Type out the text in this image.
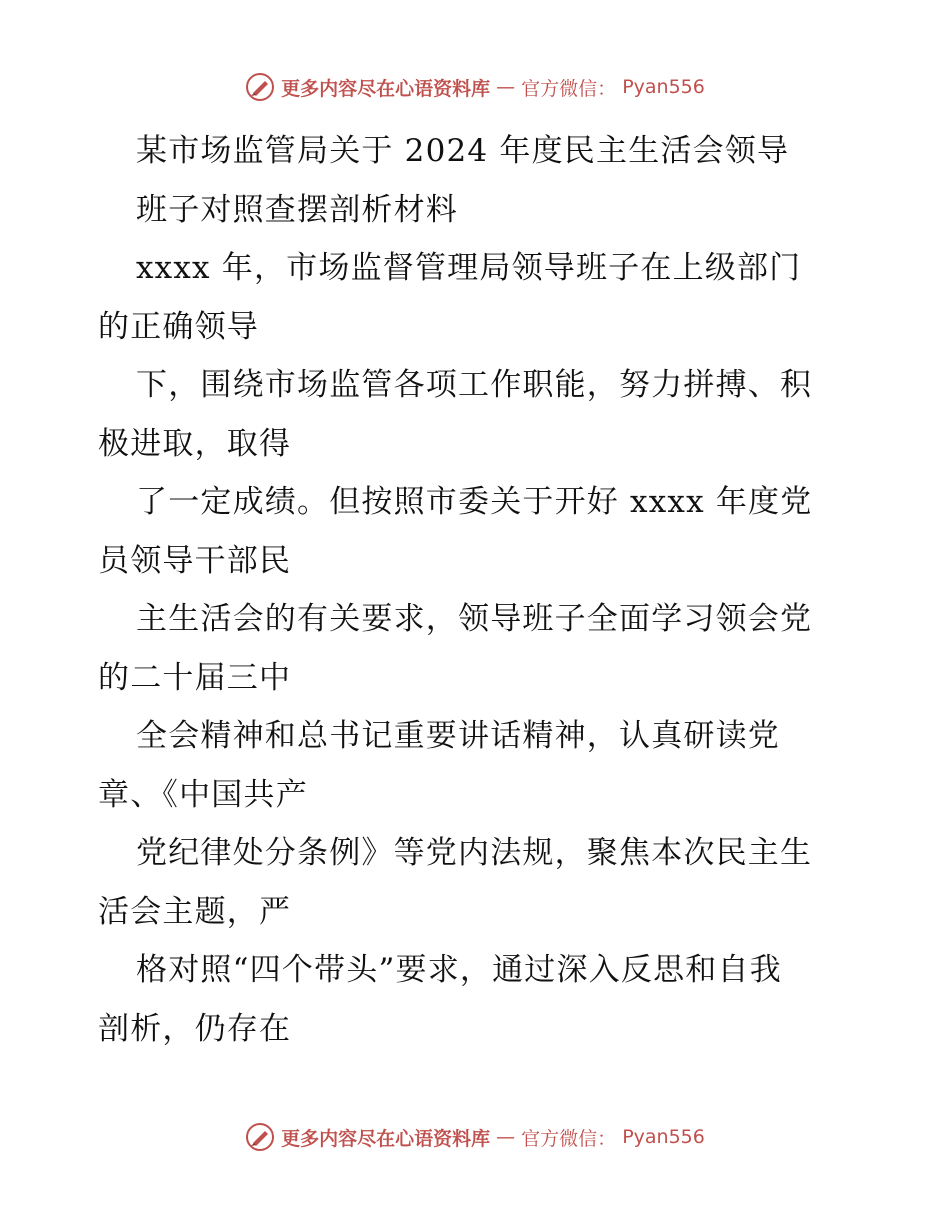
更多内容尽在心语资料库 — 官方微信： Pyan556
某市场监管局关于 2024 年度民主生活会领导
班子对照查摆剖析材料
xxxx 年，市场监督管理局领导班子在上级部门
的正确领导
下，围绕市场监管各项工作职能，努力拼搏、积
极进取，取得
了一定成绩。但按照市委关于开好 xxxx 年度党
员领导干部民
主生活会的有关要求，领导班子全面学习领会党
的二十届三中
全会精神和总书记重要讲话精神，认真研读党
章、《中国共产
党纪律处分条例》等党内法规，聚焦本次民主生
活会主题，严
格对照“四个带头”要求，通过深入反思和自我
剖析，仍存在
更多内容尽在心语资料库 — 官方微信： Pyan556
